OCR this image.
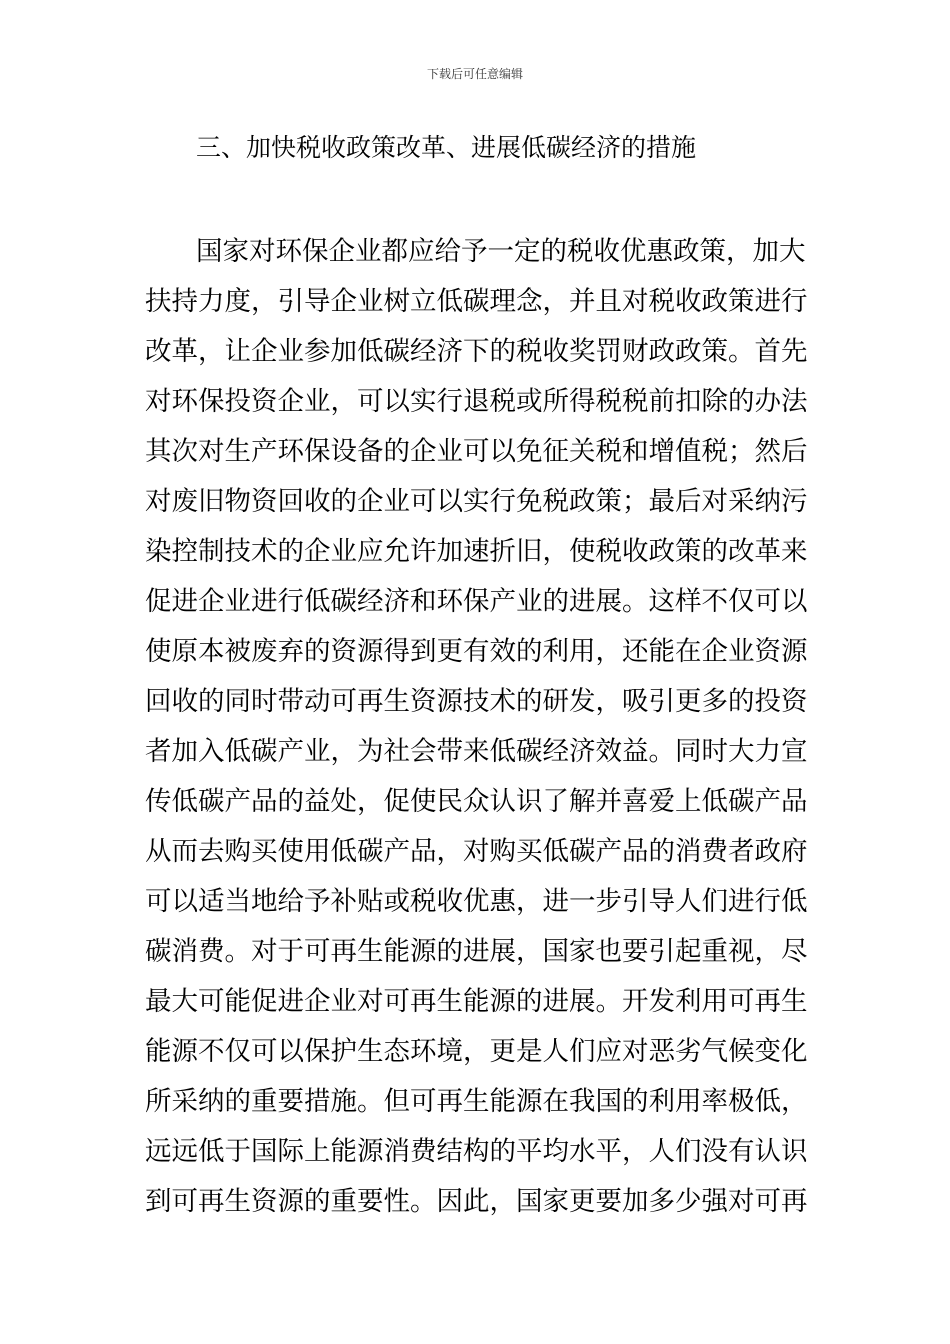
下载后可任意编辑
三、加快税收政策改革、进展低碳经济的措施
国家对环保企业都应给予一定的税收优惠政策，加大
扶持力度，引导企业树立低碳理念，并且对税收政策进行
改革，让企业参加低碳经济下的税收奖罚财政政策。首先
对环保投资企业，可以实行退税或所得税税前扣除的办法
其次对生产环保设备的企业可以免征关税和增值税；然后
对废旧物资回收的企业可以实行免税政策；最后对采纳污
染控制技术的企业应允许加速折旧，使税收政策的改革来
促进企业进行低碳经济和环保产业的进展。这样不仅可以
使原本被废弃的资源得到更有效的利用，还能在企业资源
回收的同时带动可再生资源技术的研发，吸引更多的投资
者加入低碳产业，为社会带来低碳经济效益。同时大力宣
传低碳产品的益处，促使民众认识了解并喜爱上低碳产品
从而去购买使用低碳产品，对购买低碳产品的消费者政府
可以适当地给予补贴或税收优惠，进一步引导人们进行低
碳消费。对于可再生能源的进展，国家也要引起重视，尽
最大可能促进企业对可再生能源的进展。开发利用可再生
能源不仅可以保护生态环境，更是人们应对恶劣气候变化
所采纳的重要措施。但可再生能源在我国的利用率极低，
远远低于国际上能源消费结构的平均水平，人们没有认识
到可再生资源的重要性。因此，国家更要加多少强对可再
